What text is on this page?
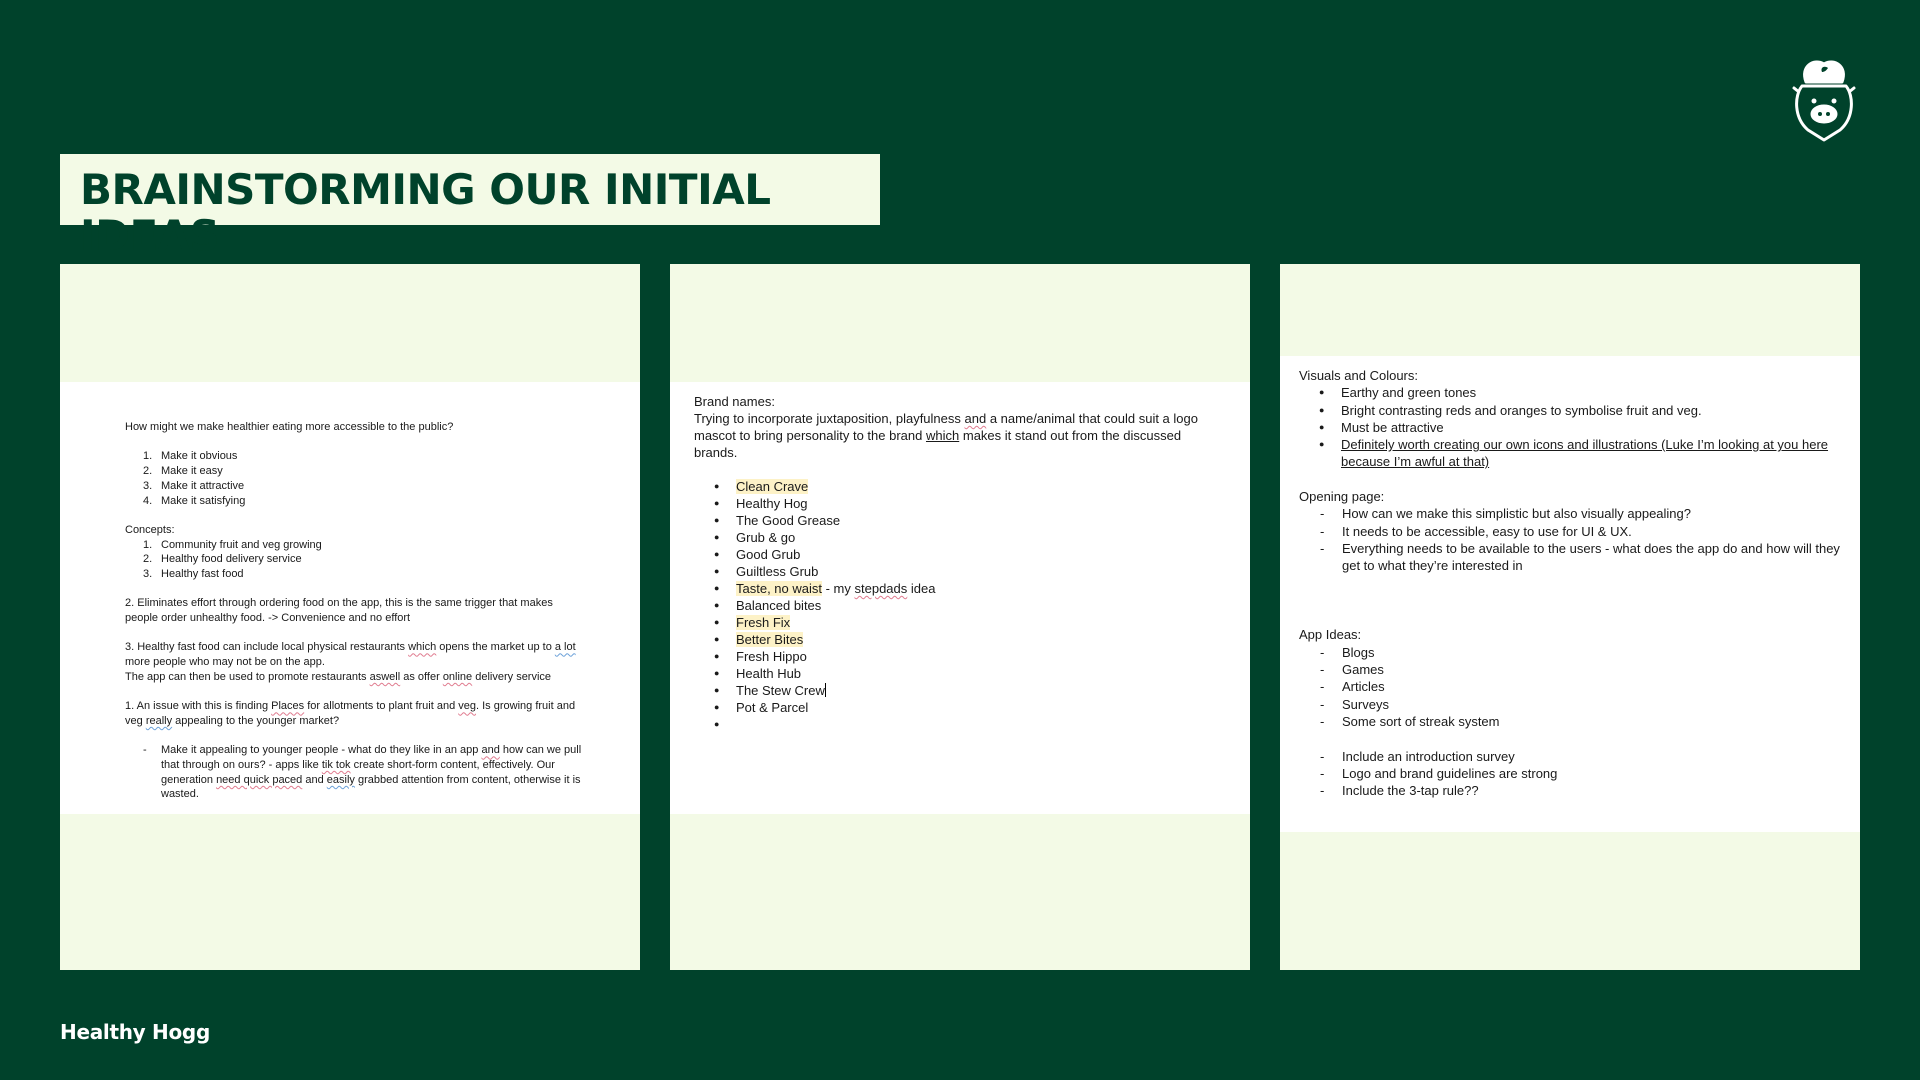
BRAINSTORMING OUR INITIAL IDEAS

How might we make healthier eating more accessible to the public?

1. Make it obvious
2. Make it easy
3. Make it attractive
4. Make it satisfying

Concepts:

1. Community fruit and veg growing
2. Healthy food delivery service
3. Healthy fast food

2. Eliminates effort through ordering food on the app, this is the same trigger that makes people order unhealthy food. -> Convenience and no effort

3. Healthy fast food can include local physical restaurants which opens the market up to a lot more people who may not be on the app.
The app can then be used to promote restaurants aswell as offer online delivery service

1. An issue with this is finding Places for allotments to plant fruit and veg. Is growing fruit and veg really appealing to the younger market?

- Make it appealing to younger people - what do they like in an app and how can we pull that through on ours? - apps like tik tok create short-form content, effectively. Our generation need quick paced and easily grabbed attention from content, otherwise it is wasted.

Brand names:

Trying to incorporate juxtaposition, playfulness and a name/animal that could suit a logo mascot to bring personality to the brand which makes it stand out from the discussed brands.

● Clean Crave
● Healthy Hog
● The Good Grease
● Grub & go
● Good Grub
● Guiltless Grub
● Taste, no waist - my stepdads idea
● Balanced bites
● Fresh Fix
● Better Bites
● Fresh Hippo
● Health Hub
● The Stew Crew
● Pot & Parcel
●

Visuals and Colours:

● Earthy and green tones
● Bright contrasting reds and oranges to symbolise fruit and veg.
● Must be attractive
● Definitely worth creating our own icons and illustrations (Luke I’m looking at you here because I’m awful at that)

Opening page:

- How can we make this simplistic but also visually appealing?
- It needs to be accessible, easy to use for UI & UX.
- Everything needs to be available to the users - what does the app do and how will they get to what they’re interested in

App Ideas:

- Blogs
- Games
- Articles
- Surveys
- Some sort of streak system
- Include an introduction survey
- Logo and brand guidelines are strong
- Include the 3-tap rule??
Healthy Hogg
